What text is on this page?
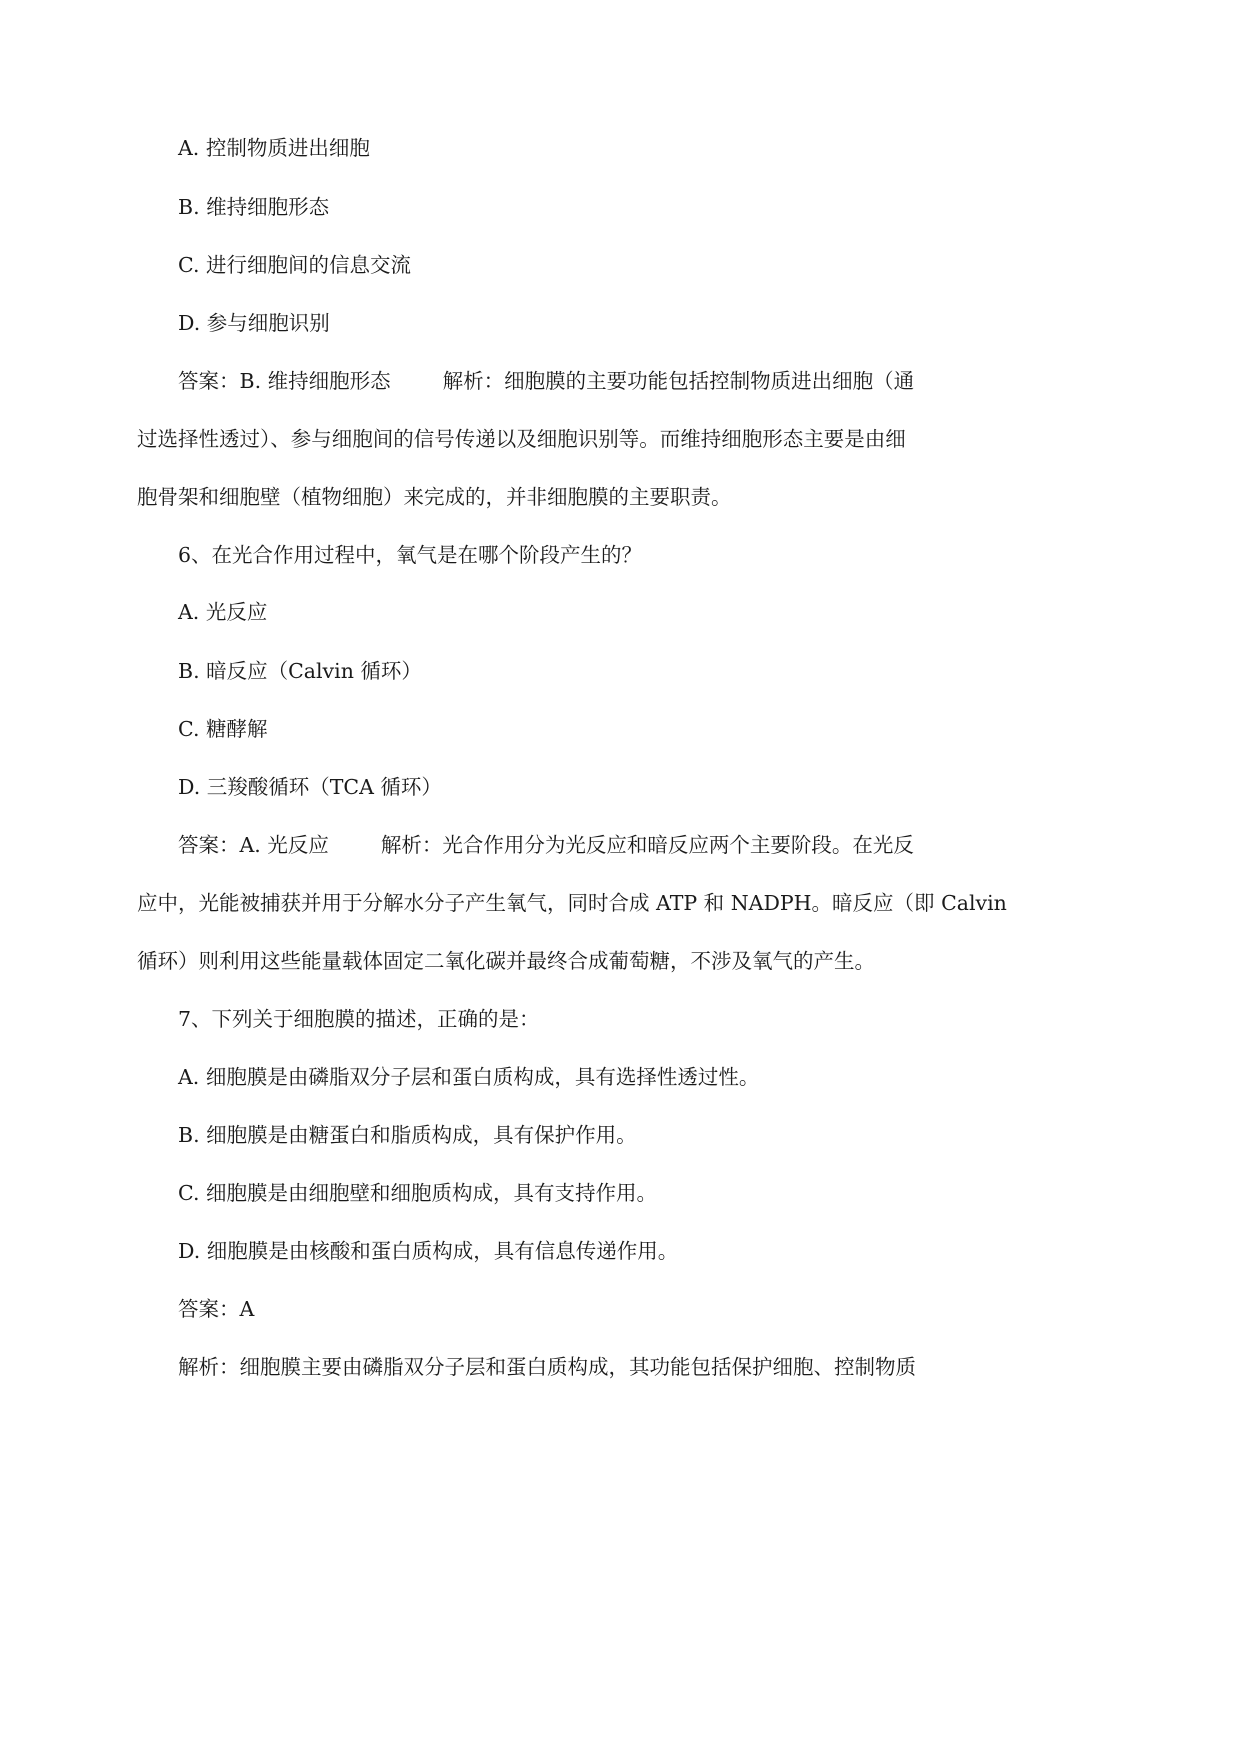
A. 控制物质进出细胞

B. 维持细胞形态

C. 进行细胞间的信息交流

D. 参与细胞识别

答案：B. 维持细胞形态	解析：细胞膜的主要功能包括控制物质进出细胞（通

过选择性透过）、参与细胞间的信号传递以及细胞识别等。而维持细胞形态主要是由细

胞骨架和细胞壁（植物细胞）来完成的，并非细胞膜的主要职责。

6、在光合作用过程中，氧气是在哪个阶段产生的？

A. 光反应

B. 暗反应（Calvin 循环）

C. 糖酵解

D. 三羧酸循环（TCA 循环）

答案：A. 光反应	解析：光合作用分为光反应和暗反应两个主要阶段。在光反

应中，光能被捕获并用于分解水分子产生氧气，同时合成 ATP 和 NADPH。暗反应（即 Calvin

循环）则利用这些能量载体固定二氧化碳并最终合成葡萄糖，不涉及氧气的产生。

7、下列关于细胞膜的描述，正确的是：

A. 细胞膜是由磷脂双分子层和蛋白质构成，具有选择性透过性。

B. 细胞膜是由糖蛋白和脂质构成，具有保护作用。

C. 细胞膜是由细胞壁和细胞质构成，具有支持作用。

D. 细胞膜是由核酸和蛋白质构成，具有信息传递作用。

答案：A

解析：细胞膜主要由磷脂双分子层和蛋白质构成，其功能包括保护细胞、控制物质
